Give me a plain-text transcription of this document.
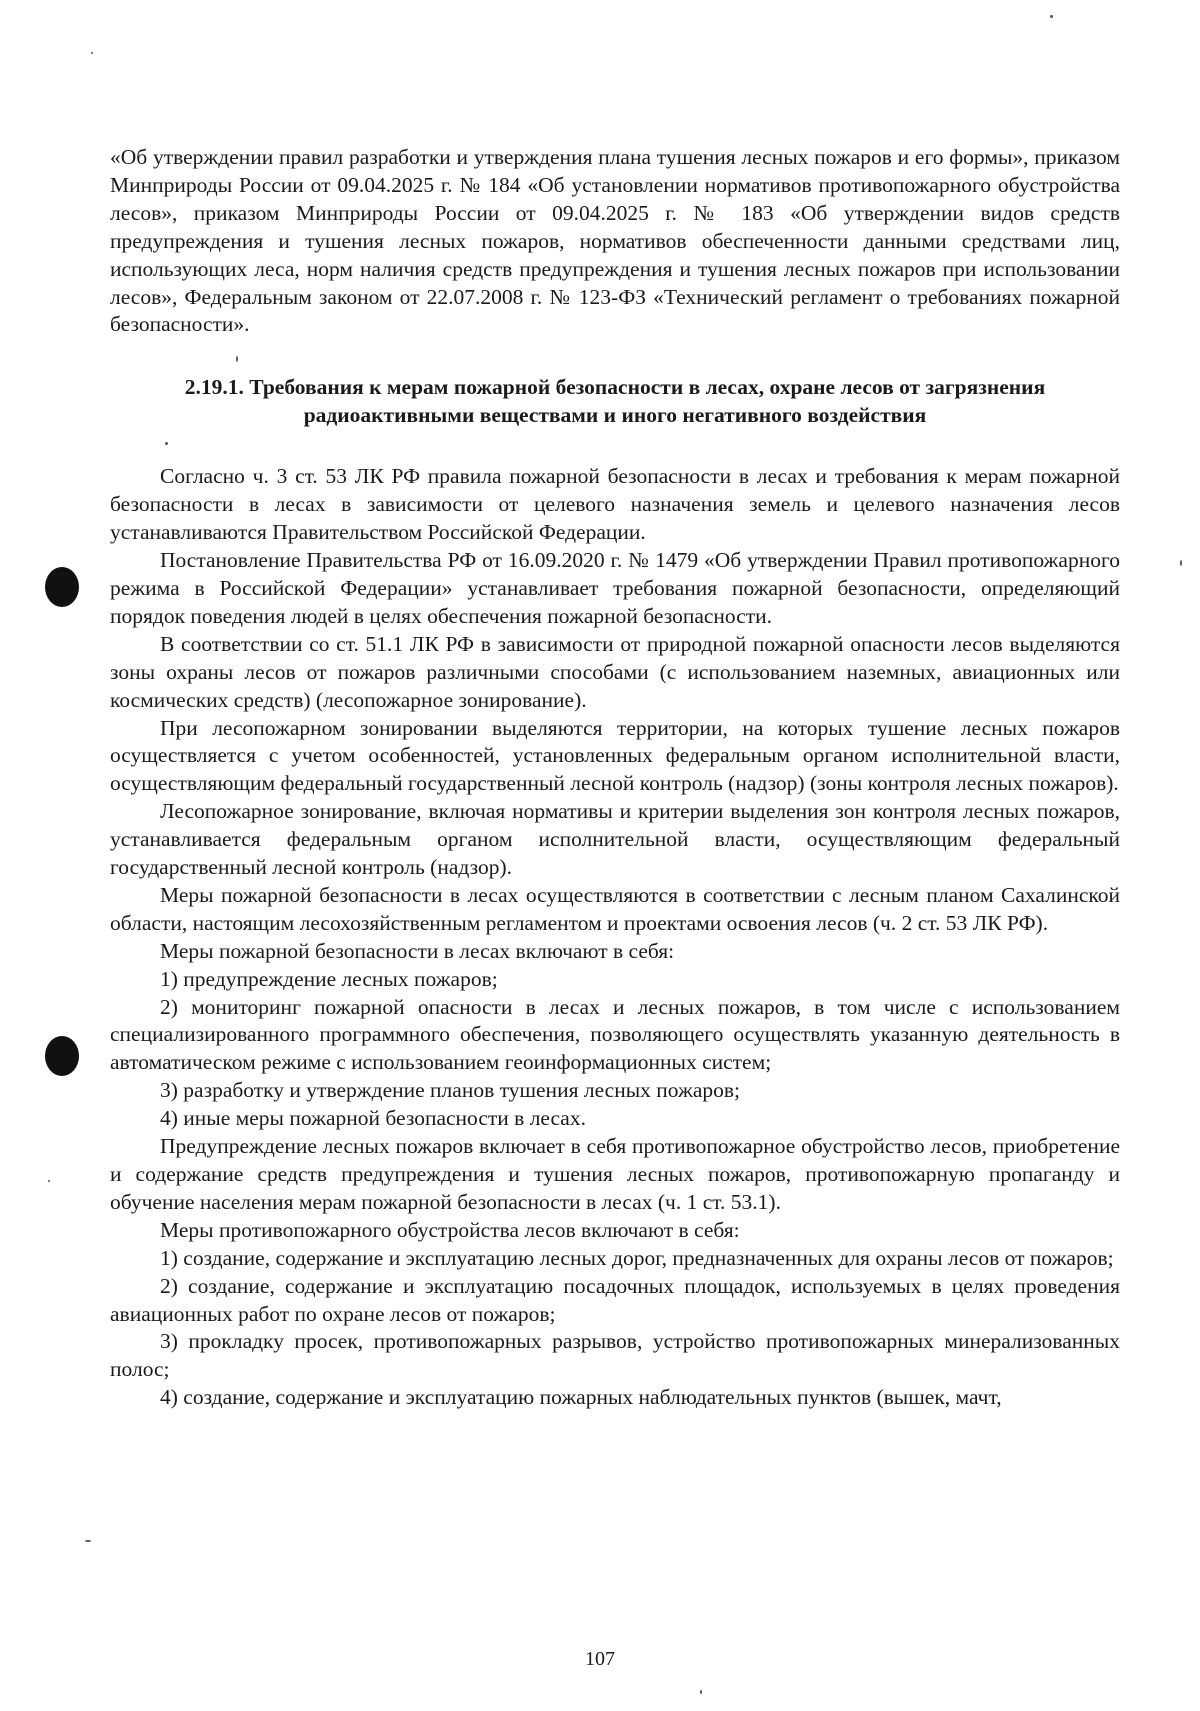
«Об утверждении правил разработки и утверждения плана тушения лесных пожаров и его формы», приказом Минприроды России от 09.04.2025 г. № 184 «Об установлении нормативов противопожарного обустройства лесов», приказом Минприроды России от 09.04.2025 г. № 183 «Об утверждении видов средств предупреждения и тушения лесных пожаров, нормативов обеспеченности данными средствами лиц, использующих леса, норм наличия средств предупреждения и тушения лесных пожаров при использовании лесов», Федеральным законом от 22.07.2008 г. № 123-ФЗ «Технический регламент о требованиях пожарной безопасности».

2.19.1. Требования к мерам пожарной безопасности в лесах, охране лесов от загрязнения радиоактивными веществами и иного негативного воздействия

Согласно ч. 3 ст. 53 ЛК РФ правила пожарной безопасности в лесах и требования к мерам пожарной безопасности в лесах в зависимости от целевого назначения земель и целевого назначения лесов устанавливаются Правительством Российской Федерации.

Постановление Правительства РФ от 16.09.2020 г. № 1479 «Об утверждении Правил противопожарного режима в Российской Федерации» устанавливает требования пожарной безопасности, определяющий порядок поведения людей в целях обеспечения пожарной безопасности.

В соответствии со ст. 51.1 ЛК РФ в зависимости от природной пожарной опасности лесов выделяются зоны охраны лесов от пожаров различными способами (с использованием наземных, авиационных или космических средств) (лесопожарное зонирование).

При лесопожарном зонировании выделяются территории, на которых тушение лесных пожаров осуществляется с учетом особенностей, установленных федеральным органом исполнительной власти, осуществляющим федеральный государственный лесной контроль (надзор) (зоны контроля лесных пожаров).

Лесопожарное зонирование, включая нормативы и критерии выделения зон контроля лесных пожаров, устанавливается федеральным органом исполнительной власти, осуществляющим федеральный государственный лесной контроль (надзор).

Меры пожарной безопасности в лесах осуществляются в соответствии с лесным планом Сахалинской области, настоящим лесохозяйственным регламентом и проектами освоения лесов (ч. 2 ст. 53 ЛК РФ).

Меры пожарной безопасности в лесах включают в себя:

1) предупреждение лесных пожаров;

2) мониторинг пожарной опасности в лесах и лесных пожаров, в том числе с использованием специализированного программного обеспечения, позволяющего осуществлять указанную деятельность в автоматическом режиме с использованием геоинформационных систем;

3) разработку и утверждение планов тушения лесных пожаров;

4) иные меры пожарной безопасности в лесах.

Предупреждение лесных пожаров включает в себя противопожарное обустройство лесов, приобретение и содержание средств предупреждения и тушения лесных пожаров, противопожарную пропаганду и обучение населения мерам пожарной безопасности в лесах (ч. 1 ст. 53.1).

Меры противопожарного обустройства лесов включают в себя:

1) создание, содержание и эксплуатацию лесных дорог, предназначенных для охраны лесов от пожаров;

2) создание, содержание и эксплуатацию посадочных площадок, используемых в целях проведения авиационных работ по охране лесов от пожаров;

3) прокладку просек, противопожарных разрывов, устройство противопожарных минерализованных полос;

4) создание, содержание и эксплуатацию пожарных наблюдательных пунктов (вышек, мачт,

107
